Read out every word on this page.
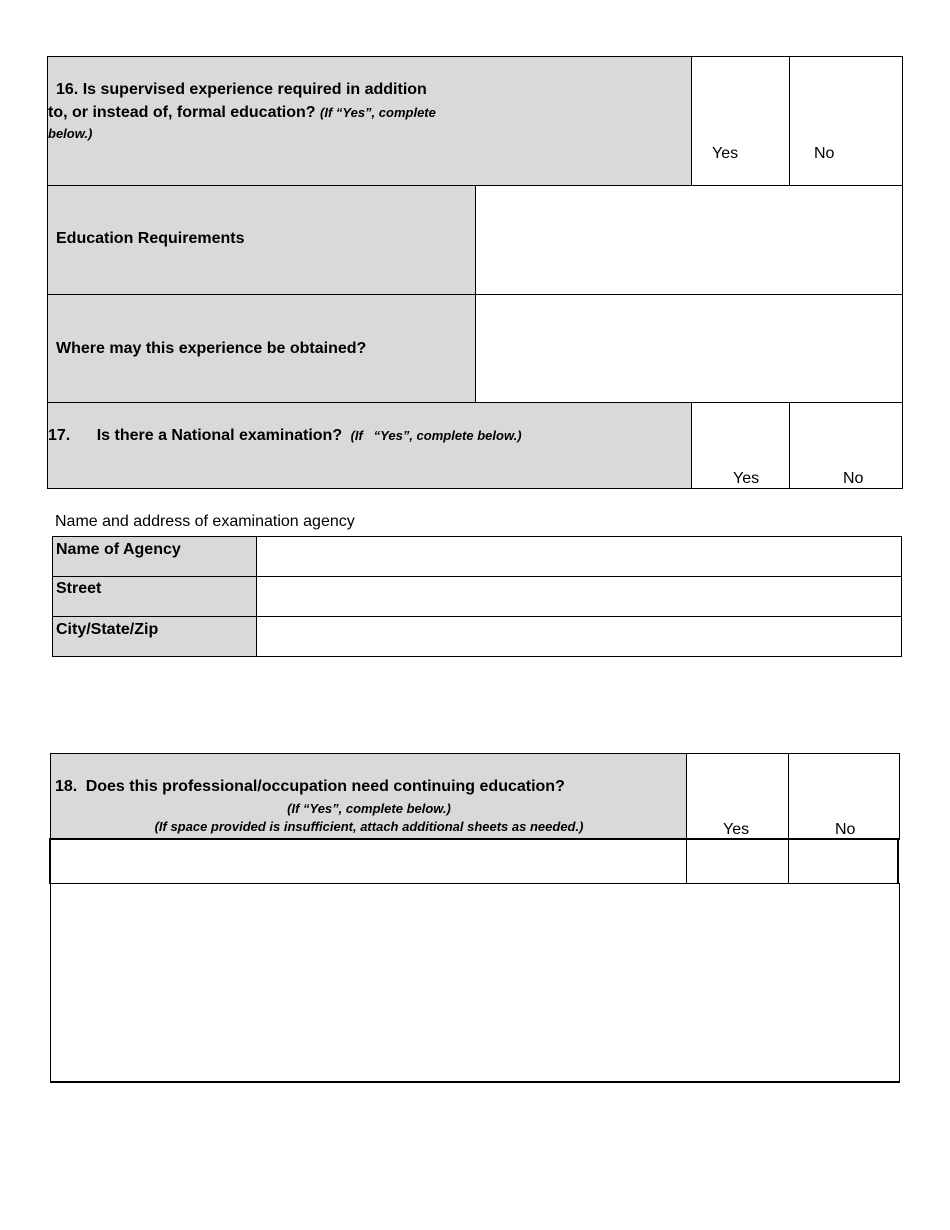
16. Is supervised experience required in addition
to, or instead of, formal education? (If “Yes”, complete
below.)
Yes	No
Education Requirements
Where may this experience be obtained?
17. Is there a National examination? (If   “Yes”, complete below.)
Yes	No
Name and address of examination agency
Name of Agency
Street
City/State/Zip
18. Does this professional/occupation need continuing education?
(If “Yes”, complete below.)
(If space provided is insufficient, attach additional sheets as needed.)	Yes	No
